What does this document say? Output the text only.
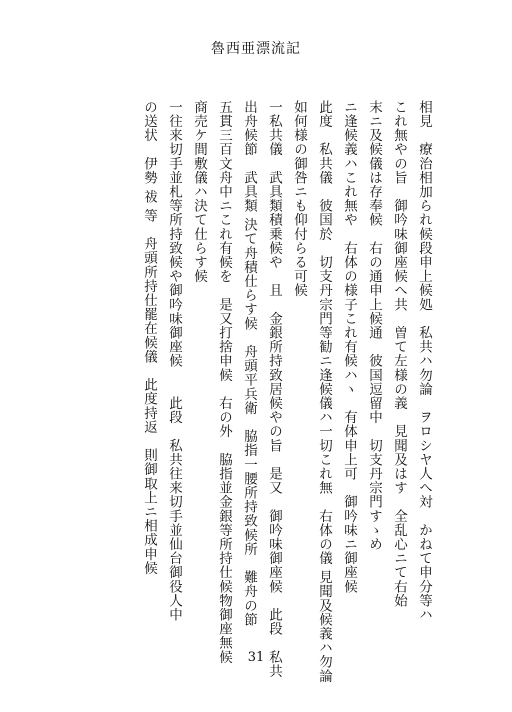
魯西亜漂流記
相見　療治相加られ候段申上候処　私共ハ勿論　ヲロシヤ人へ対　かねて申分等ハ
これ無やの旨　御吟味御座候へ共　曽て左様の義　見聞及はす　全乱心ニて右始
末ニ及候儀は存奉候　右の通申上候通　彼国逗留中　切支丹宗門すゝめ
ニ逢候義ハこれ無や　右体の様子これ有候ハヽ　有体申上可　御吟味ニ御座候
此度　私共儀　彼国於　切支丹宗門等勧ニ逢候儀ハ一切これ無　右体の儀 見聞及候義ハ勿論
如何様の御咎ニも仰付らる可候
一私共儀　武具類積乗候や　且　金銀所持致居候やの旨　是又　御吟味御座候　此段　私共
出舟候節　武具類 決て舟積仕らす候　舟頭平兵衛　脇指一腰所持致候所　難舟の節
五貫三百文舟中ニこれ有候を　是又打捨申候　右の外　脇指並金銀等所持仕候物御座無候
商売ケ間敷儀ハ決て仕らす候
一往来切手並札等所持致候や御吟味御座候　　此段　私共往来切手並仙台御役人中
の送状　伊勢 祓 等　舟頭所持仕罷在候儀　此度持返　則御取上ニ相成申候
31
